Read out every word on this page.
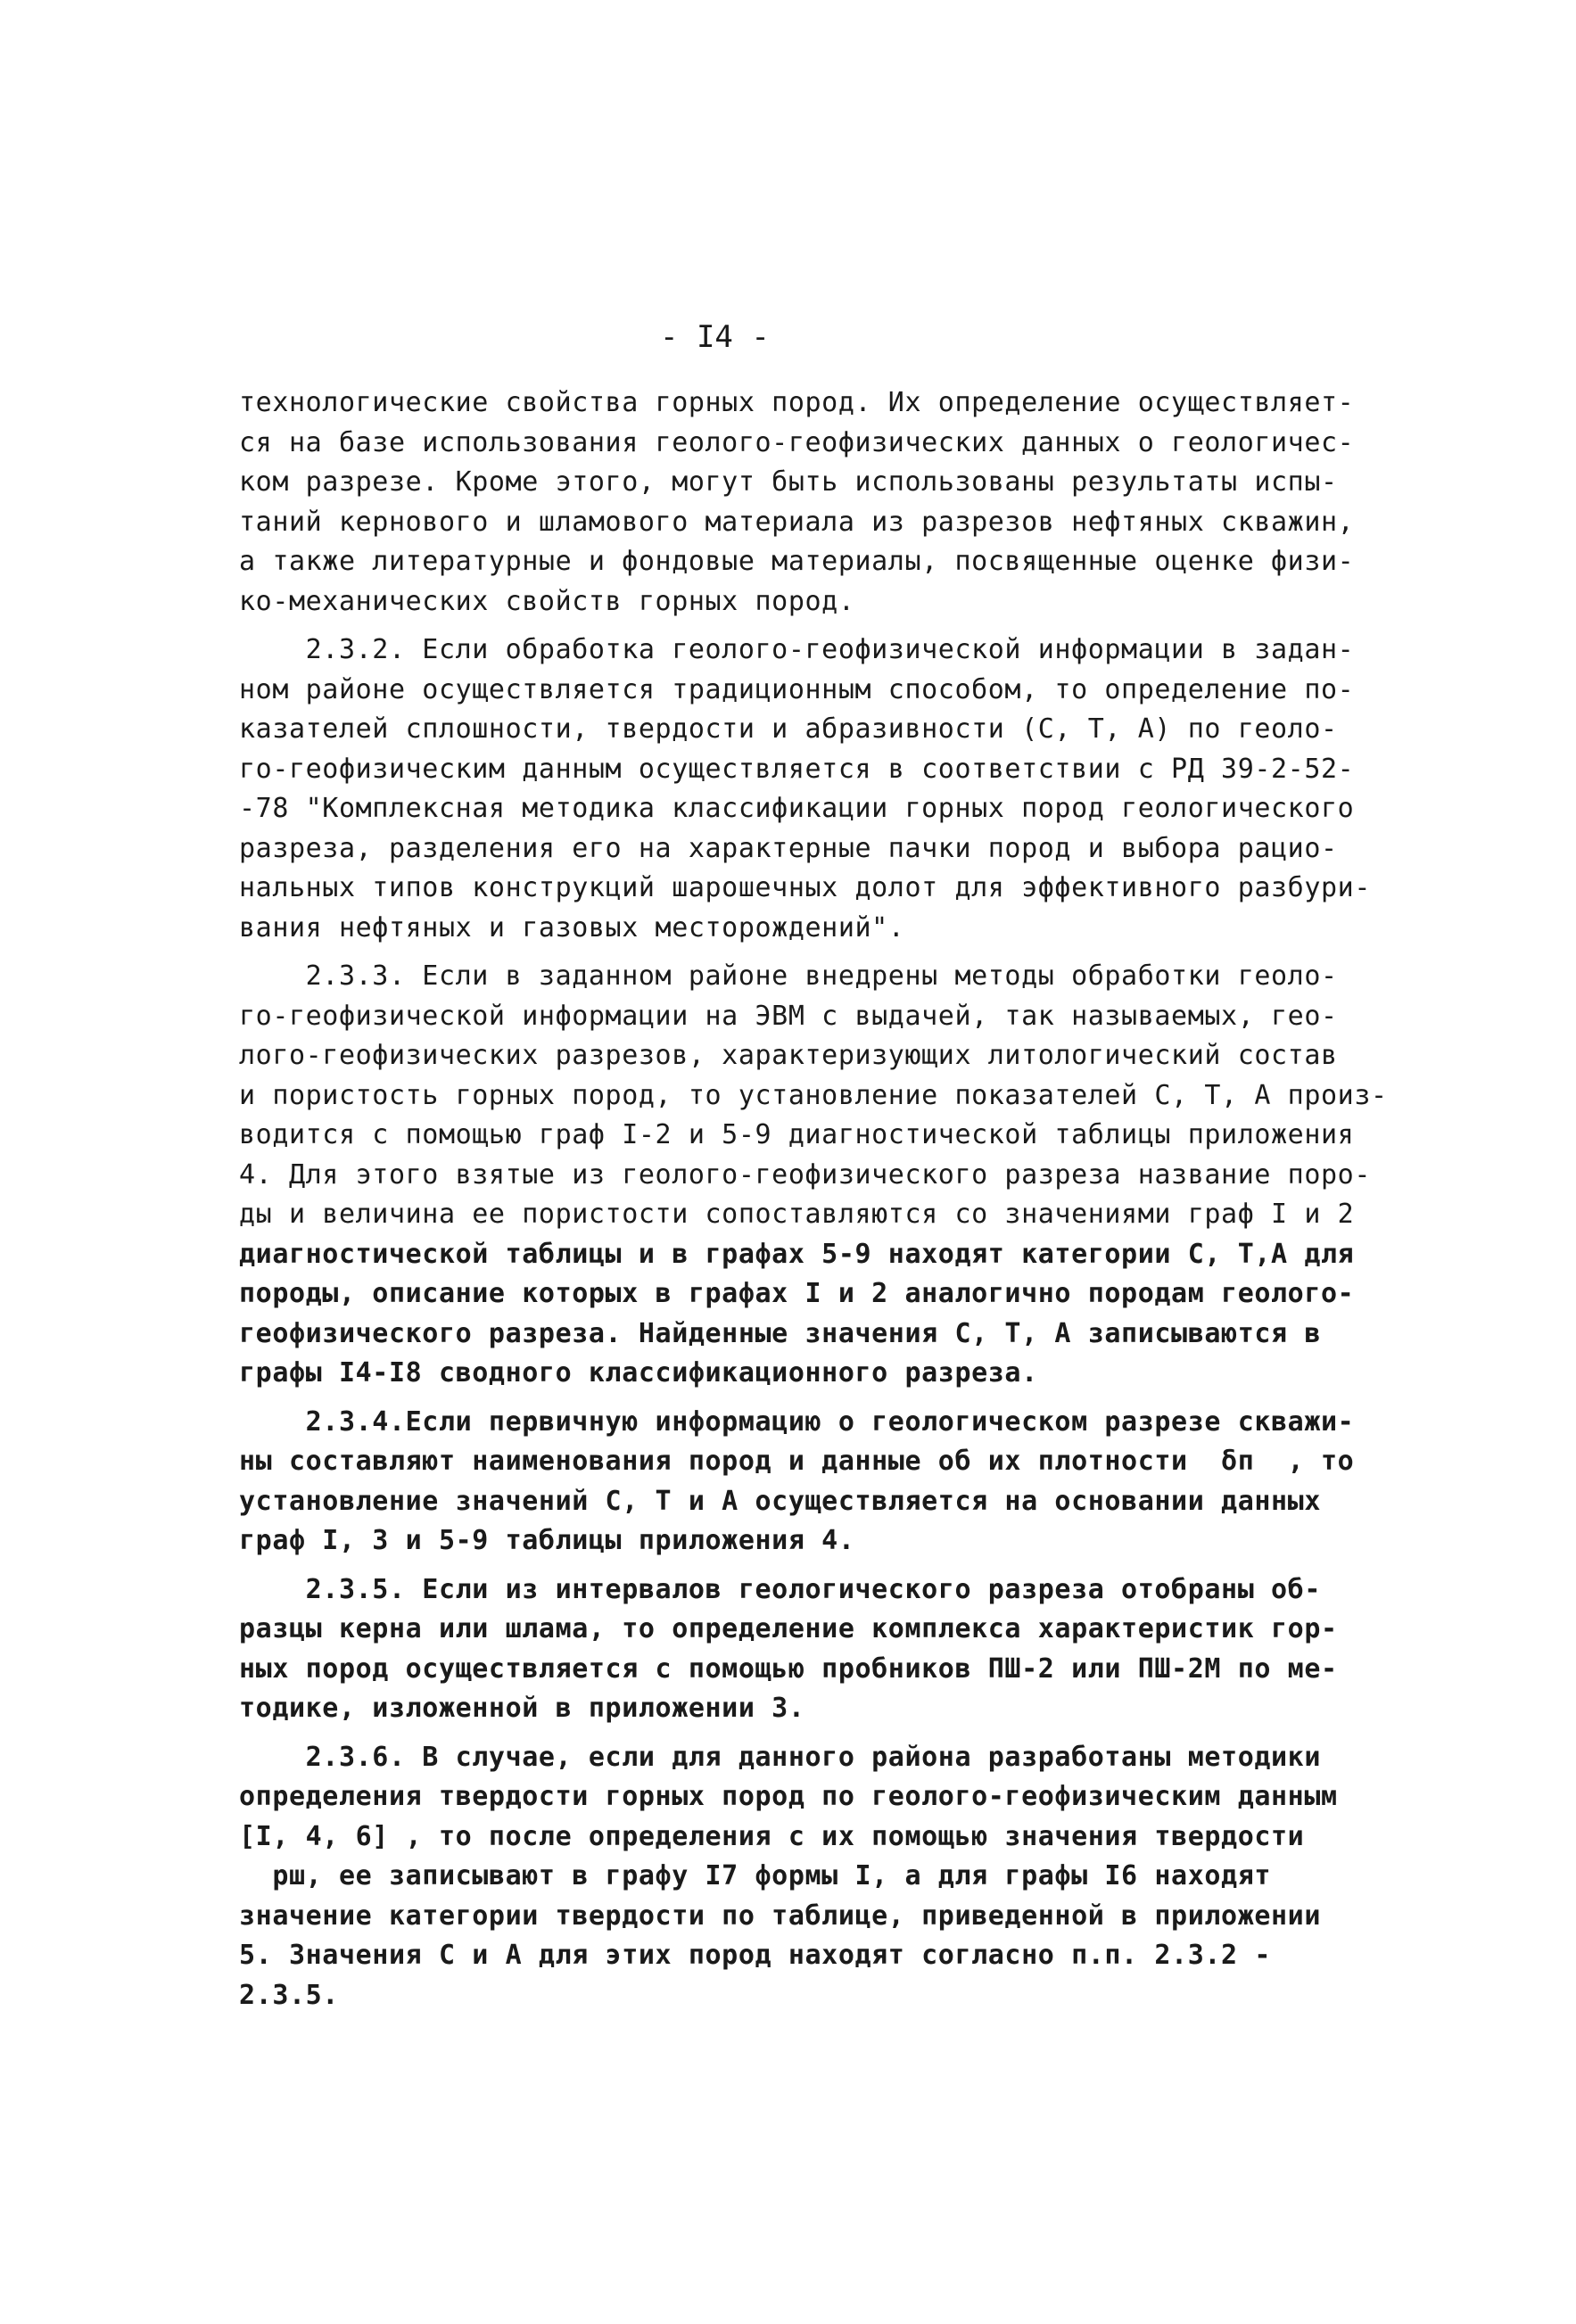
- I4 -
технологические свойства горных пород. Их определение осуществляет-
ся на базе использования геолого-геофизических данных о геологичес-
ком разрезе. Кроме этого, могут быть использованы результаты испы-
таний кернового и шламового материала из разрезов нефтяных скважин,
а также литературные и фондовые материалы, посвященные оценке физи-
ко-механических свойств горных пород.
2.3.2. Если обработка геолого-геофизической информации в задан-
ном районе осуществляется традиционным способом, то определение по-
казателей сплошности, твердости и абразивности (С, Т, А) по геоло-
го-геофизическим данным осуществляется в соответствии с РД 39-2-52-
-78 "Комплексная методика классификации горных пород геологического
разреза, разделения его на характерные пачки пород и выбора рацио-
нальных типов конструкций шарошечных долот для эффективного разбури-
вания нефтяных и газовых месторождений".
2.3.3. Если в заданном районе внедрены методы обработки геоло-
го-геофизической информации на ЭВМ с выдачей, так называемых, гео-
лого-геофизических разрезов, характеризующих литологический состав
и пористость горных пород, то установление показателей С, Т, А произ-
водится с помощью граф I-2 и 5-9 диагностической таблицы приложения
4. Для этого взятые из геолого-геофизического разреза название поро-
ды и величина ее пористости сопоставляются со значениями граф I и 2
диагностической таблицы и в графах 5-9 находят категории С, Т,А для
породы, описание которых в графах I и 2 аналогично породам геолого-
геофизического разреза. Найденные значения С, Т, А записываются в
графы I4-I8 сводного классификационного разреза.
2.3.4.Если первичную информацию о геологическом разрезе скважи-
ны составляют наименования пород и данные об их плотности  δп  , то
установление значений С, Т и А осуществляется на основании данных
граф I, 3 и 5-9 таблицы приложения 4.
2.3.5. Если из интервалов геологического разреза отобраны об-
разцы керна или шлама, то определение комплекса характеристик гор-
ных пород осуществляется с помощью пробников ПШ-2 или ПШ-2М по ме-
тодике, изложенной в приложении 3.
2.3.6. В случае, если для данного района разработаны методики
определения твердости горных пород по геолого-геофизическим данным
[I, 4, 6] , то после определения с их помощью значения твердости
pш, ее записывают в графу I7 формы I, а для графы I6 находят
значение категории твердости по таблице, приведенной в приложении
5. Значения С и А для этих пород находят согласно п.п. 2.3.2 -
2.3.5.
